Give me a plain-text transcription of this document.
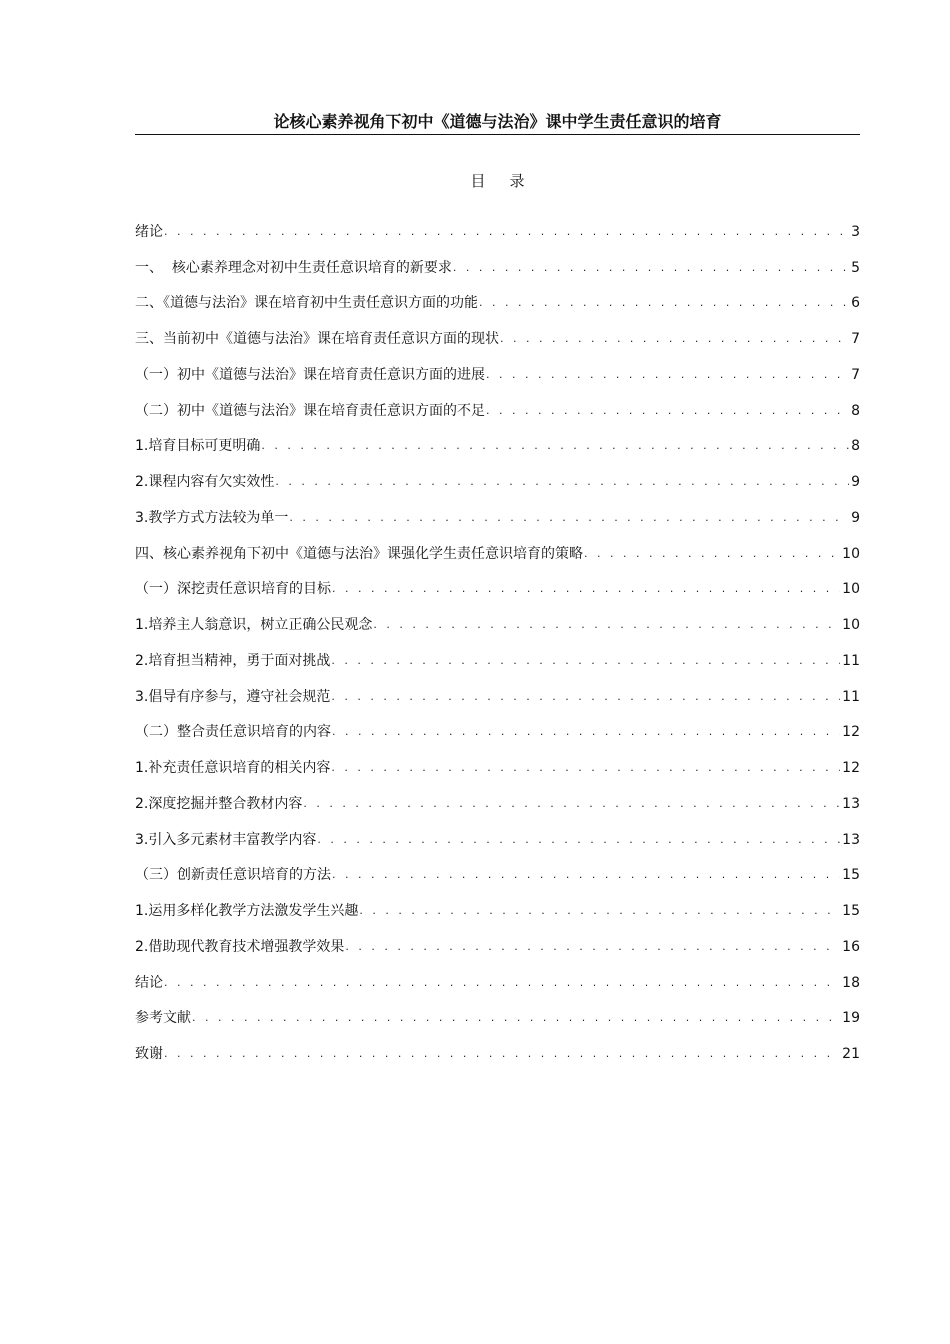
论核心素养视角下初中《道德与法治》课中学生责任意识的培育
目录
绪论 . . .	3
一、  核心素养理念对初中生责任意识培育的新要求 . . .	5
二、《道德与法治》课在培育初中生责任意识方面的功能 . . .	6
三、当前初中《道德与法治》课在培育责任意识方面的现状 . . .	7
（一）初中《道德与法治》课在培育责任意识方面的进展 . . .	7
（二）初中《道德与法治》课在培育责任意识方面的不足 . . .	8
1.培育目标可更明确 . . .	8
2.课程内容有欠实效性 . . .	9
3.教学方式方法较为单一 . . .	9
四、核心素养视角下初中《道德与法治》课强化学生责任意识培育的策略 . . .	10
（一）深挖责任意识培育的目标 . . .	10
1.培养主人翁意识，树立正确公民观念 . . .	10
2.培育担当精神，勇于面对挑战 . . .	11
3.倡导有序参与，遵守社会规范 . . .	11
（二）整合责任意识培育的内容 . . .	12
1.补充责任意识培育的相关内容 . . .	12
2.深度挖掘并整合教材内容 . . .	13
3.引入多元素材丰富教学内容 . . .	13
（三）创新责任意识培育的方法 . . .	15
1.运用多样化教学方法激发学生兴趣 . . .	15
2.借助现代教育技术增强教学效果 . . .	16
结论 . . .	18
参考文献 . . .	19
致谢 . . .	21
